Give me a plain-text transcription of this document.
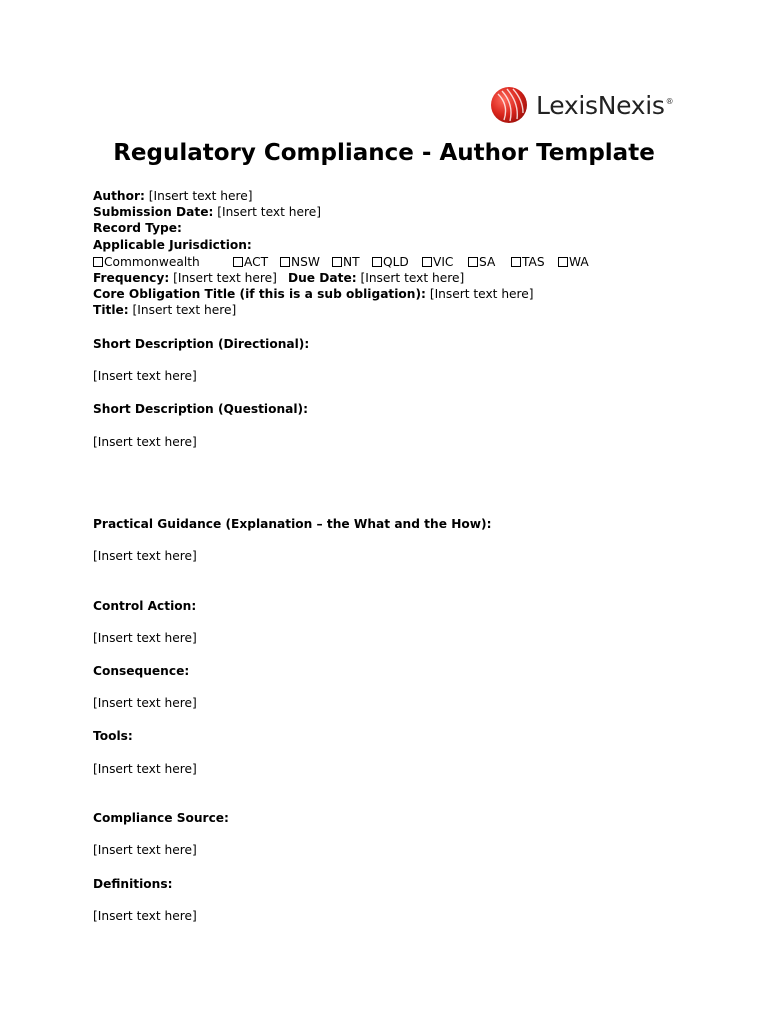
LexisNexis®
Regulatory Compliance - Author Template
Author: [Insert text here]
Submission Date: [Insert text here]
Record Type:
Applicable Jurisdiction:
Commonwealth	ACT NSW NT QLD VIC SA TAS WA
Frequency: [Insert text here] Due Date: [Insert text here]
Core Obligation Title (if this is a sub obligation): [Insert text here]
Title: [Insert text here]
Short Description (Directional):
[Insert text here]
Short Description (Questional):
[Insert text here]
Practical Guidance (Explanation – the What and the How):
[Insert text here]
Control Action:
[Insert text here]
Consequence:
[Insert text here]
Tools:
[Insert text here]
Compliance Source:
[Insert text here]
Definitions:
[Insert text here]
